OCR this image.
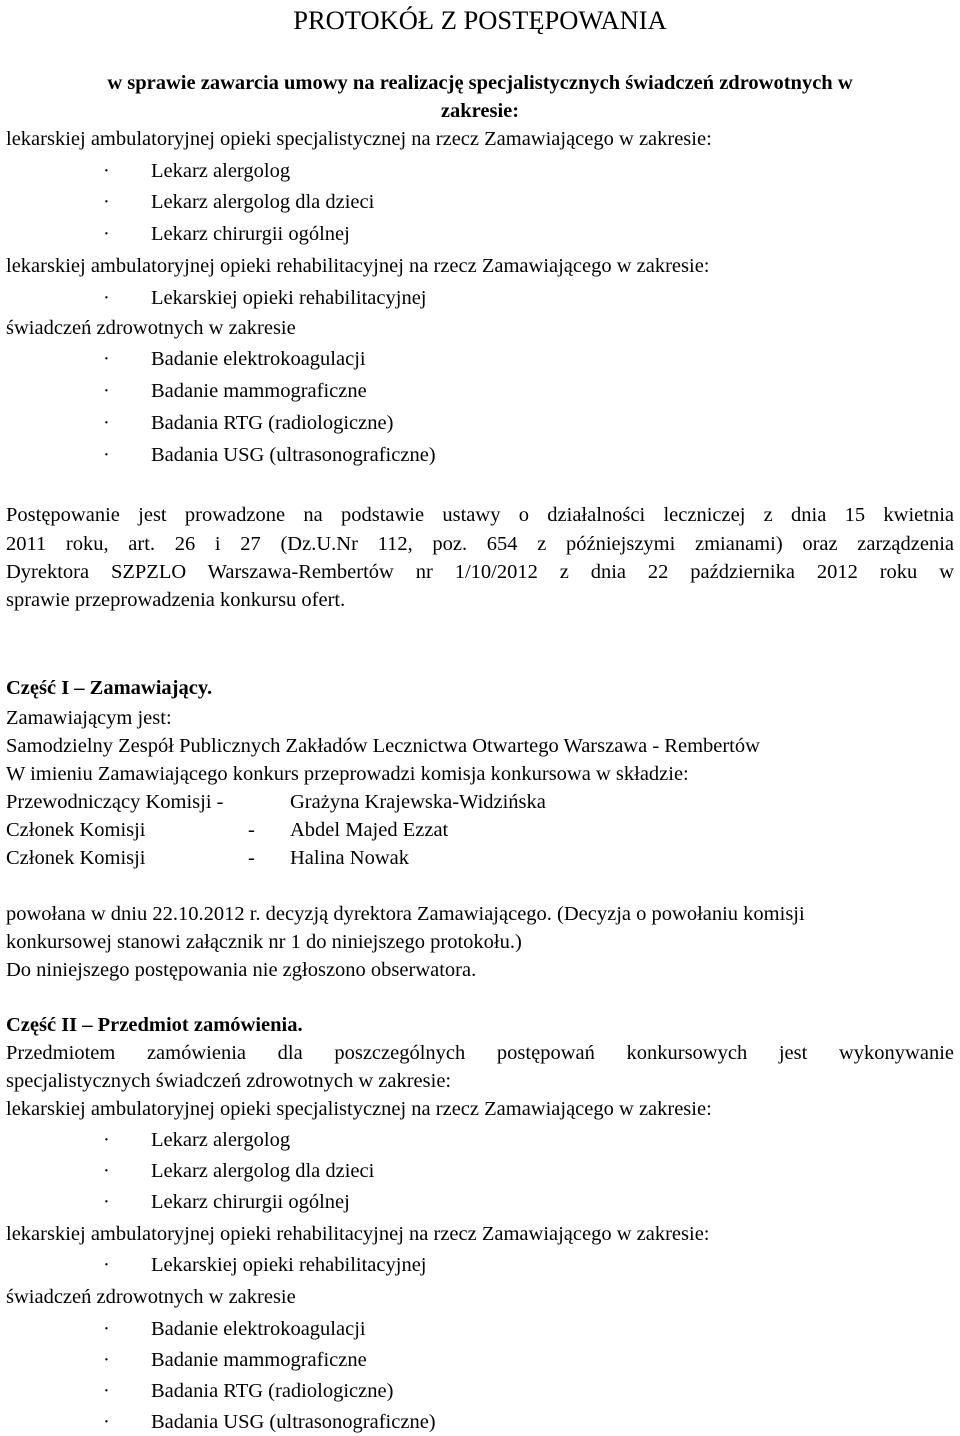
PROTOKÓŁ Z POSTĘPOWANIA
w sprawie zawarcia umowy na realizację specjalistycznych świadczeń zdrowotnych w
zakresie:
lekarskiej ambulatoryjnej opieki specjalistycznej na rzecz Zamawiającego w zakresie:
· Lekarz alergolog
· Lekarz alergolog dla dzieci
· Lekarz chirurgii ogólnej
lekarskiej ambulatoryjnej opieki rehabilitacyjnej na rzecz Zamawiającego w zakresie:
· Lekarskiej opieki rehabilitacyjnej
świadczeń zdrowotnych w zakresie
· Badanie elektrokoagulacji
· Badanie mammograficzne
· Badania RTG (radiologiczne)
· Badania USG (ultrasonograficzne)
Postępowanie jest prowadzone na podstawie ustawy o działalności leczniczej z dnia 15 kwietnia
2011 roku, art. 26 i 27 (Dz.U.Nr 112, poz. 654 z późniejszymi zmianami) oraz zarządzenia
Dyrektora SZPZLO Warszawa-Rembertów nr 1/10/2012 z dnia 22 października 2012 roku w
sprawie przeprowadzenia konkursu ofert.
Część I – Zamawiający.
Zamawiającym jest:
Samodzielny Zespół Publicznych Zakładów Lecznictwa Otwartego Warszawa - Rembertów
W imieniu Zamawiającego konkurs przeprowadzi komisja konkursowa w składzie:
Przewodniczący Komisji -	Grażyna Krajewska-Widzińska
Członek Komisji	- Abdel Majed Ezzat
Członek Komisji	- Halina Nowak
powołana w dniu 22.10.2012 r. decyzją dyrektora Zamawiającego. (Decyzja o powołaniu komisji
konkursowej stanowi załącznik nr 1 do niniejszego protokołu.)
Do niniejszego postępowania nie zgłoszono obserwatora.
Część II – Przedmiot zamówienia.
Przedmiotem zamówienia dla poszczególnych postępowań konkursowych jest wykonywanie
specjalistycznych świadczeń zdrowotnych w zakresie:
lekarskiej ambulatoryjnej opieki specjalistycznej na rzecz Zamawiającego w zakresie:
· Lekarz alergolog
· Lekarz alergolog dla dzieci
· Lekarz chirurgii ogólnej
lekarskiej ambulatoryjnej opieki rehabilitacyjnej na rzecz Zamawiającego w zakresie:
· Lekarskiej opieki rehabilitacyjnej
świadczeń zdrowotnych w zakresie
· Badanie elektrokoagulacji
· Badanie mammograficzne
· Badania RTG (radiologiczne)
· Badania USG (ultrasonograficzne)
